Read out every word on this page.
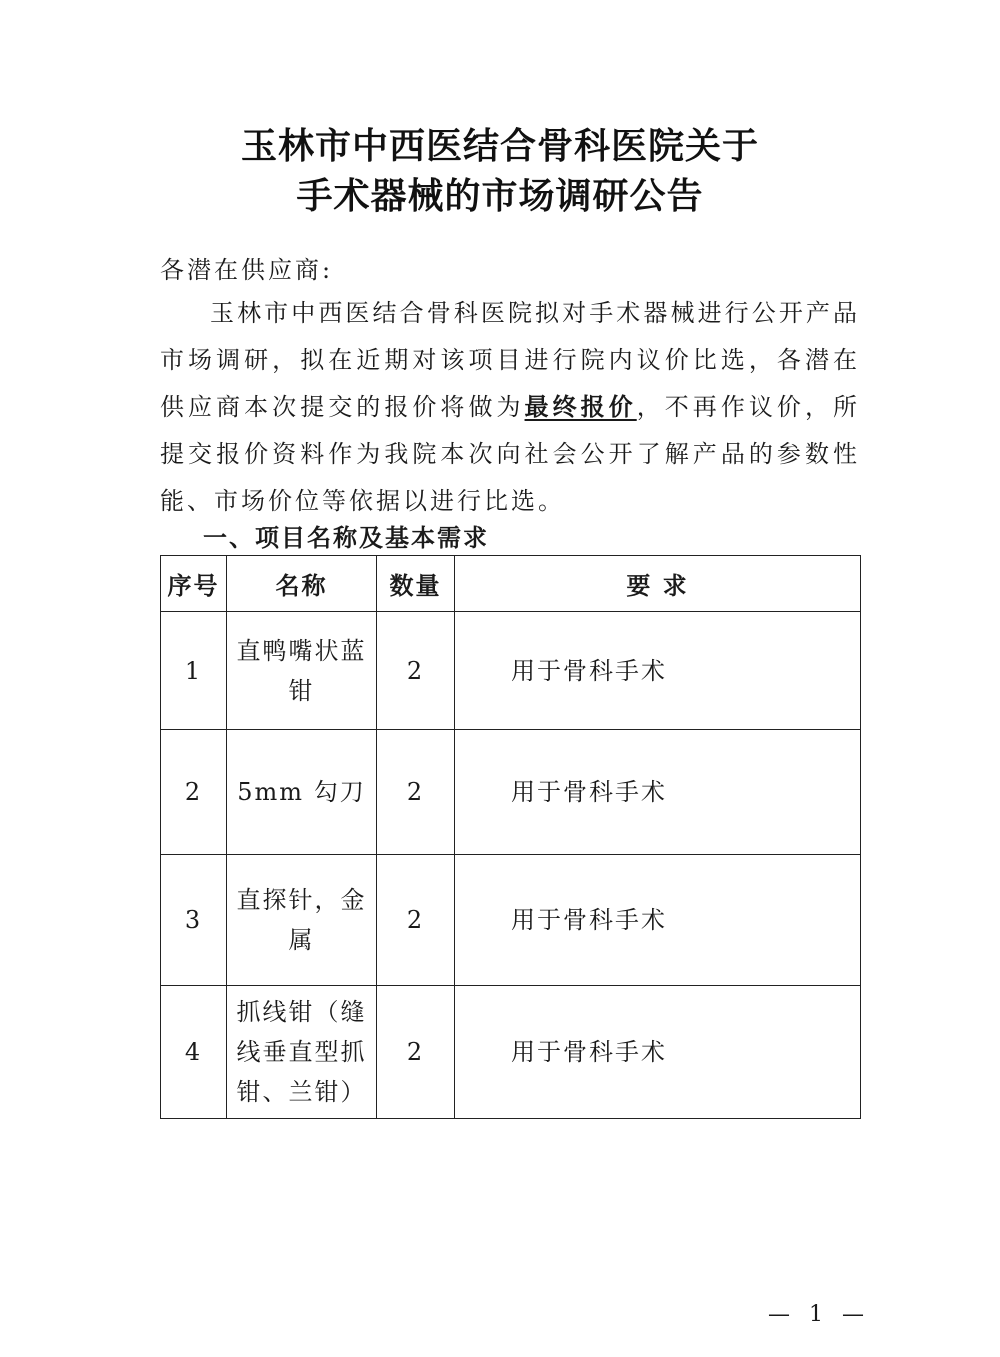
玉林市中西医结合骨科医院关于
手术器械的市场调研公告
各潜在供应商:
玉林市中西医结合骨科医院拟对手术器械进行公开产品市场调研，拟在近期对该项目进行院内议价比选，各潜在供应商本次提交的报价将做为最终报价，不再作议价，所提交报价资料作为我院本次向社会公开了解产品的参数性能、市场价位等依据以进行比选。
一、项目名称及基本需求
序号	名称	数量	要 求
1	直鸭嘴状蓝钳	2	用于骨科手术
2	5mm 勾刀	2	用于骨科手术
3	直探针，金属	2	用于骨科手术
4	抓线钳（缝线垂直型抓钳、兰钳）	2	用于骨科手术
— 1 —
